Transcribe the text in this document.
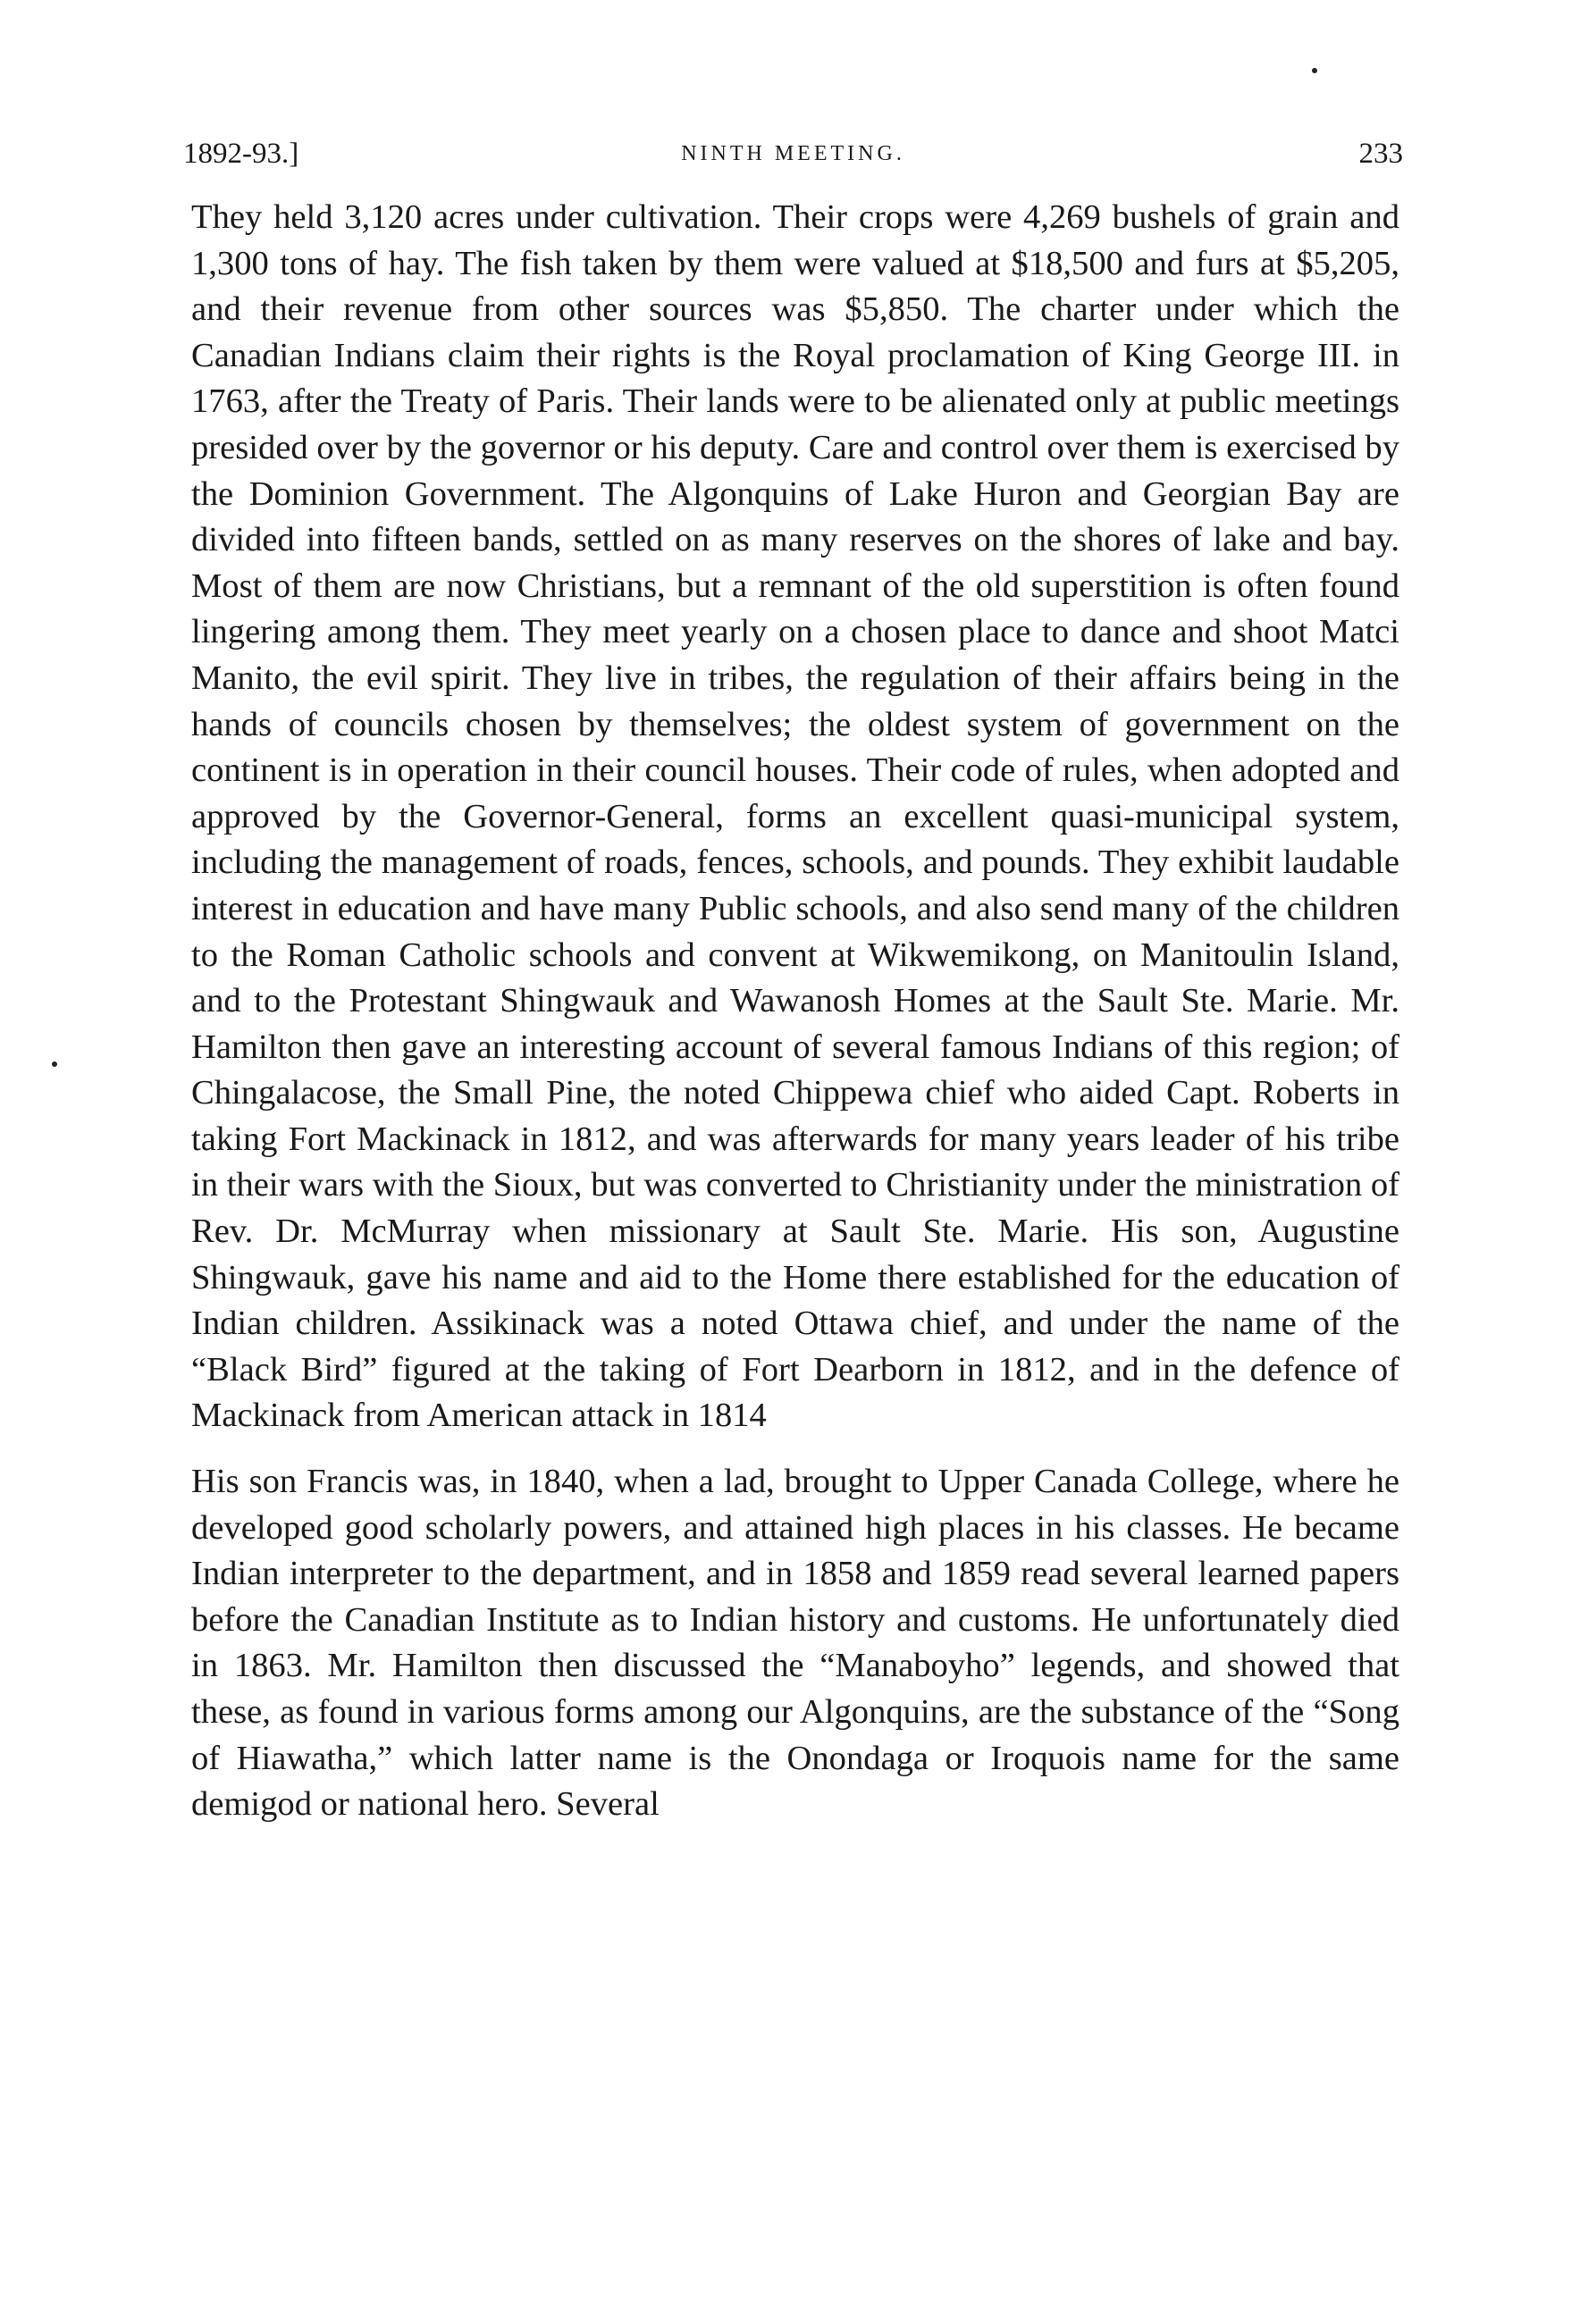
1892-93.]	NINTH MEETING.	233

They held 3,120 acres under cultivation. Their crops were 4,269 bushels of grain and 1,300 tons of hay. The fish taken by them were valued at $18,500 and furs at $5,205, and their revenue from other sources was $5,850. The charter under which the Canadian Indians claim their rights is the Royal proclamation of King George III. in 1763, after the Treaty of Paris. Their lands were to be alienated only at public meetings presided over by the governor or his deputy. Care and control over them is exercised by the Dominion Government. The Algonquins of Lake Huron and Georgian Bay are divided into fifteen bands, settled on as many reserves on the shores of lake and bay. Most of them are now Christians, but a remnant of the old superstition is often found lingering among them. They meet yearly on a chosen place to dance and shoot Matci Manito, the evil spirit. They live in tribes, the regulation of their affairs being in the hands of councils chosen by themselves; the oldest system of government on the continent is in operation in their council houses. Their code of rules, when adopted and approved by the Governor-General, forms an excellent quasi-municipal system, including the management of roads, fences, schools, and pounds. They exhibit laudable interest in education and have many Public schools, and also send many of the children to the Roman Catholic schools and convent at Wikwemikong, on Manitoulin Island, and to the Protestant Shingwauk and Wawanosh Homes at the Sault Ste. Marie. Mr. Hamilton then gave an interesting account of several famous Indians of this region; of Chingalacose, the Small Pine, the noted Chippewa chief who aided Capt. Roberts in taking Fort Mackinack in 1812, and was afterwards for many years leader of his tribe in their wars with the Sioux, but was converted to Christianity under the ministration of Rev. Dr. McMurray when missionary at Sault Ste. Marie. His son, Augustine Shingwauk, gave his name and aid to the Home there established for the education of Indian children. Assikinack was a noted Ottawa chief, and under the name of the “Black Bird” figured at the taking of Fort Dearborn in 1812, and in the defence of Mackinack from American attack in 1814

His son Francis was, in 1840, when a lad, brought to Upper Canada College, where he developed good scholarly powers, and attained high places in his classes. He became Indian interpreter to the department, and in 1858 and 1859 read several learned papers before the Canadian Institute as to Indian history and customs. He unfortunately died in 1863. Mr. Hamilton then discussed the “Manaboyho” legends, and showed that these, as found in various forms among our Algonquins, are the substance of the “Song of Hiawatha,” which latter name is the Onondaga or Iroquois name for the same demigod or national hero. Several
